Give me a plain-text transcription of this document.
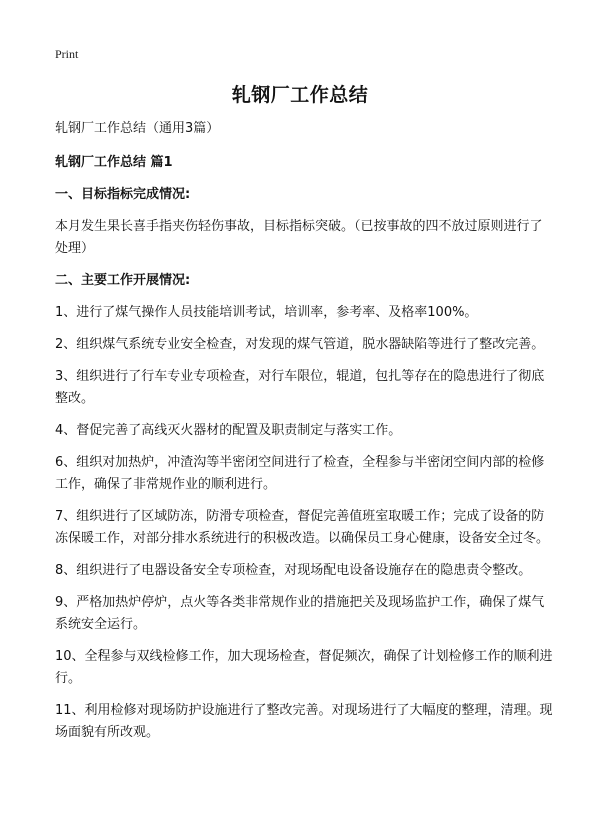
Print
轧钢厂工作总结

轧钢厂工作总结（通用3篇）

轧钢厂工作总结 篇1

一、目标指标完成情况:

本月发生果长喜手指夹伤轻伤事故，目标指标突破。（已按事故的四不放过原则进行了处理）

二、主要工作开展情况:

1、进行了煤气操作人员技能培训考试，培训率，参考率、及格率100%。

2、组织煤气系统专业安全检查，对发现的煤气管道，脱水器缺陷等进行了整改完善。

3、组织进行了行车专业专项检查，对行车限位，辊道，包扎等存在的隐患进行了彻底整改。

4、督促完善了高线灭火器材的配置及职责制定与落实工作。

6、组织对加热炉，冲渣沟等半密闭空间进行了检查，全程参与半密闭空间内部的检修工作，确保了非常规作业的顺利进行。

7、组织进行了区域防冻，防滑专项检查，督促完善值班室取暖工作；完成了设备的防冻保暖工作，对部分排水系统进行的积极改造。以确保员工身心健康，设备安全过冬。

8、组织进行了电器设备安全专项检查，对现场配电设备设施存在的隐患责令整改。

9、严格加热炉停炉，点火等各类非常规作业的措施把关及现场监护工作，确保了煤气系统安全运行。

10、全程参与双线检修工作，加大现场检查，督促频次，确保了计划检修工作的顺利进行。

11、利用检修对现场防护设施进行了整改完善。对现场进行了大幅度的整理，清理。现场面貌有所改观。
